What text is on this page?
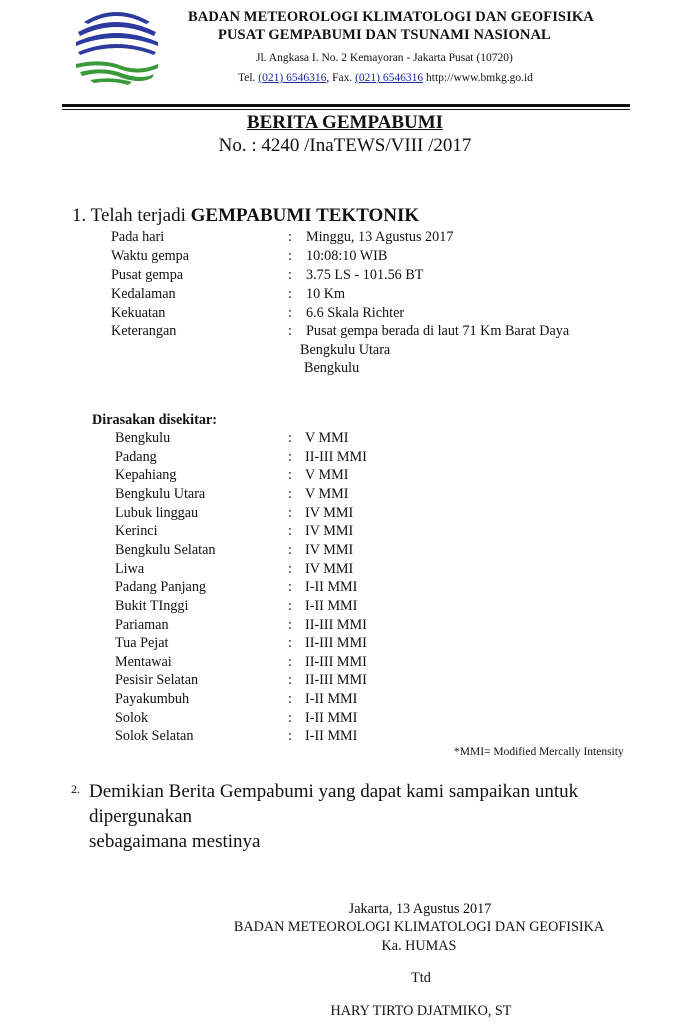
BADAN METEOROLOGI KLIMATOLOGI DAN GEOFISIKA
PUSAT GEMPABUMI DAN TSUNAMI NASIONAL
Jl. Angkasa I. No. 2 Kemayoran - Jakarta Pusat (10720)
Tel. (021) 6546316, Fax. (021) 6546316 http://www.bmkg.go.id
BERITA GEMPABUMI
No. : 4240 /InaTEWS/VIII /2017
1. Telah terjadi GEMPABUMI TEKTONIK
Pada hari	: Minggu, 13 Agustus 2017
Waktu gempa	: 10:08:10 WIB
Pusat gempa	: 3.75 LS - 101.56 BT
Kedalaman	: 10 Km
Kekuatan	: 6.6 Skala Richter
Keterangan	: Pusat gempa berada di laut 71 Km Barat Daya
Bengkulu Utara
Bengkulu
Dirasakan disekitar:
Bengkulu	: V MMI
Padang	: II-III MMI
Kepahiang	: V MMI
Bengkulu Utara	: V MMI
Lubuk linggau	: IV MMI
Kerinci	: IV MMI
Bengkulu Selatan	: IV MMI
Liwa	: IV MMI
Padang Panjang	: I-II MMI
Bukit TInggi	: I-II MMI
Pariaman	: II-III MMI
Tua Pejat	: II-III MMI
Mentawai	: II-III MMI
Pesisir Selatan	: II-III MMI
Payakumbuh	: I-II MMI
Solok	: I-II MMI
Solok Selatan	: I-II MMI
*MMI= Modified Mercally Intensity
2. Demikian Berita Gempabumi yang dapat kami sampaikan untuk
dipergunakan
sebagaimana mestinya
Jakarta, 13 Agustus 2017
BADAN METEOROLOGI KLIMATOLOGI DAN GEOFISIKA
Ka. HUMAS
Ttd
HARY TIRTO DJATMIKO, ST
